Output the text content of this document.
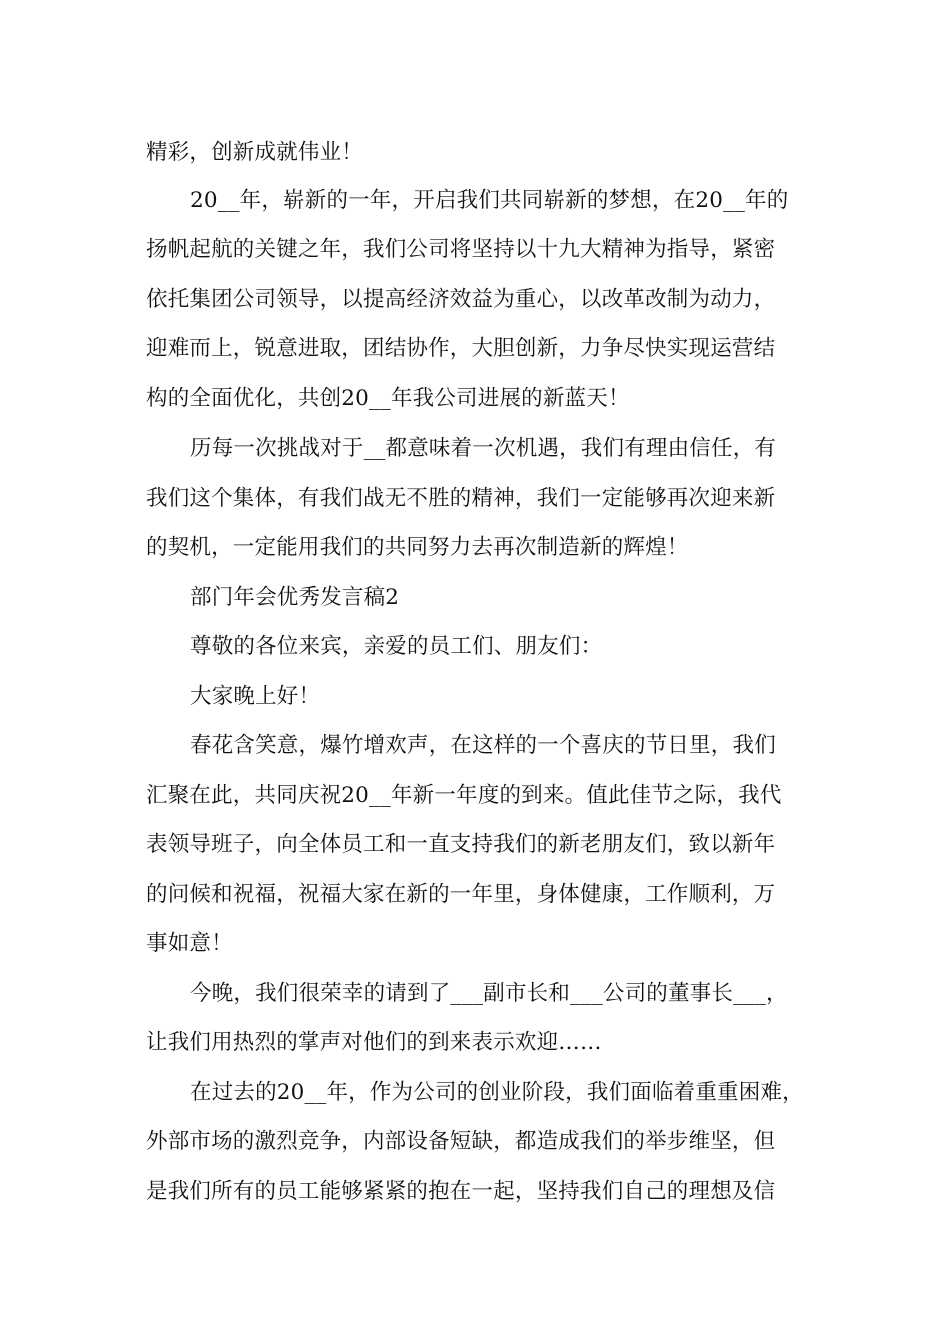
精彩，创新成就伟业！
20__年，崭新的一年，开启我们共同崭新的梦想，在20__年的
扬帆起航的关键之年，我们公司将坚持以十九大精神为指导，紧密
依托集团公司领导，以提高经济效益为重心，以改革改制为动力，
迎难而上，锐意进取，团结协作，大胆创新，力争尽快实现运营结
构的全面优化，共创20__年我公司进展的新蓝天！
历每一次挑战对于__都意味着一次机遇，我们有理由信任，有
我们这个集体，有我们战无不胜的精神，我们一定能够再次迎来新
的契机，一定能用我们的共同努力去再次制造新的辉煌！
部门年会优秀发言稿2
尊敬的各位来宾，亲爱的员工们、朋友们：
大家晚上好！
春花含笑意，爆竹增欢声，在这样的一个喜庆的节日里，我们
汇聚在此，共同庆祝20__年新一年度的到来。值此佳节之际，我代
表领导班子，向全体员工和一直支持我们的新老朋友们，致以新年
的问候和祝福，祝福大家在新的一年里，身体健康，工作顺利，万
事如意！
今晚，我们很荣幸的请到了___副市长和___公司的董事长___，
让我们用热烈的掌声对他们的到来表示欢迎……
在过去的20__年，作为公司的创业阶段，我们面临着重重困难，
外部市场的激烈竞争，内部设备短缺，都造成我们的举步维坚，但
是我们所有的员工能够紧紧的抱在一起，坚持我们自己的理想及信
